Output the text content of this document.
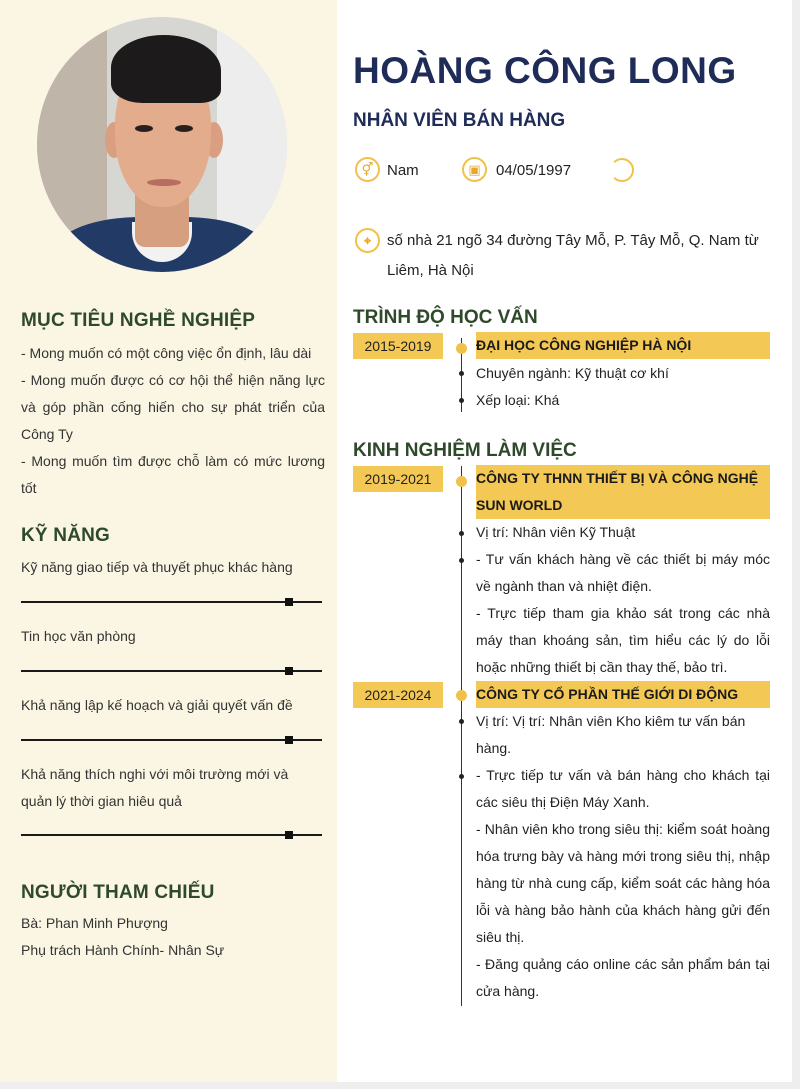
MỤC TIÊU NGHỀ NGHIỆP
- Mong muốn có một công việc ổn định, lâu dài
- Mong muốn được có cơ hội thể hiện năng lực và góp phần cống hiến cho sự phát triển của Công Ty
- Mong muốn tìm được chỗ làm có mức lương tốt
KỸ NĂNG
Kỹ năng giao tiếp và thuyết phục khác hàng
Tin học văn phòng
Khả năng lập kế hoạch và giải quyết vấn đề
Khả năng thích nghi với môi trường mới và quản lý thời gian hiêu quả
NGƯỜI THAM CHIẾU
Bà: Phan Minh Phượng
Phụ trách Hành Chính- Nhân Sự
HOÀNG CÔNG LONG
NHÂN VIÊN BÁN HÀNG
⚥ Nam	▣	04/05/1997
⌖	số nhà 21 ngõ 34 đường Tây Mỗ, P. Tây Mỗ, Q. Nam từ Liêm, Hà Nội
TRÌNH ĐỘ HỌC VẤN
2015-2019	ĐẠI HỌC CÔNG NGHIỆP HÀ NỘI
Chuyên ngành: Kỹ thuật cơ khí
Xếp loại: Khá
KINH NGHIỆM LÀM VIỆC
2019-2021	CÔNG TY THNN THIẾT BỊ VÀ CÔNG NGHỆ SUN WORLD
Vị trí: Nhân viên Kỹ Thuật
- Tư vấn khách hàng về các thiết bị máy móc về ngành than và nhiệt điện.
- Trực tiếp tham gia khảo sát trong các nhà máy than khoáng sản, tìm hiểu các lý do lỗi hoặc những thiết bị cần thay thế, bảo trì.
2021-2024	CÔNG TY CỔ PHẦN THẾ GIỚI DI ĐỘNG
Vị trí: Vị trí: Nhân viên Kho kiêm tư vấn bán hàng.
- Trực tiếp tư vấn và bán hàng cho khách tại các siêu thị Điện Máy Xanh.
- Nhân viên kho trong siêu thị: kiểm soát hoàng hóa trưng bày và hàng mới trong siêu thị, nhập hàng từ nhà cung cấp, kiểm soát các hàng hóa lỗi và hàng bảo hành của khách hàng gửi đến siêu thị.
- Đăng quảng cáo online các sản phẩm bán tại cửa hàng.
